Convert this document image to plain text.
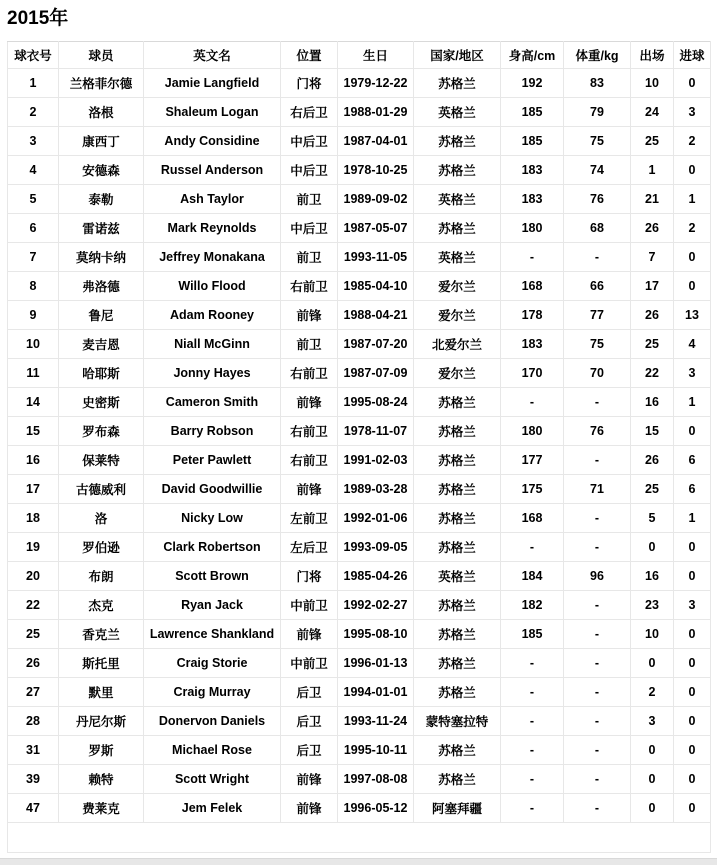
2015年
球衣号	球员	英文名	位置	生日	国家/地区	身高/cm	体重/kg	出场	进球
1	兰格菲尔德	Jamie Langfield	门将	1979-12-22	苏格兰	192	83	10	0
2	洛根	Shaleum Logan	右后卫	1988-01-29	英格兰	185	79	24	3
3	康西丁	Andy Considine	中后卫	1987-04-01	苏格兰	185	75	25	2
4	安德森	Russel Anderson	中后卫	1978-10-25	苏格兰	183	74	1	0
5	泰勒	Ash Taylor	前卫	1989-09-02	英格兰	183	76	21	1
6	雷诺兹	Mark Reynolds	中后卫	1987-05-07	苏格兰	180	68	26	2
7	莫纳卡纳	Jeffrey Monakana	前卫	1993-11-05	英格兰	-	-	7	0
8	弗洛德	Willo Flood	右前卫	1985-04-10	爱尔兰	168	66	17	0
9	鲁尼	Adam Rooney	前锋	1988-04-21	爱尔兰	178	77	26	13
10	麦吉恩	Niall McGinn	前卫	1987-07-20	北爱尔兰	183	75	25	4
11	哈耶斯	Jonny Hayes	右前卫	1987-07-09	爱尔兰	170	70	22	3
14	史密斯	Cameron Smith	前锋	1995-08-24	苏格兰	-	-	16	1
15	罗布森	Barry Robson	右前卫	1978-11-07	苏格兰	180	76	15	0
16	保莱特	Peter Pawlett	右前卫	1991-02-03	苏格兰	177	-	26	6
17	古德威利	David Goodwillie	前锋	1989-03-28	苏格兰	175	71	25	6
18	洛	Nicky Low	左前卫	1992-01-06	苏格兰	168	-	5	1
19	罗伯逊	Clark Robertson	左后卫	1993-09-05	苏格兰	-	-	0	0
20	布朗	Scott Brown	门将	1985-04-26	英格兰	184	96	16	0
22	杰克	Ryan Jack	中前卫	1992-02-27	苏格兰	182	-	23	3
25	香克兰	Lawrence Shankland	前锋	1995-08-10	苏格兰	185	-	10	0
26	斯托里	Craig Storie	中前卫	1996-01-13	苏格兰	-	-	0	0
27	默里	Craig Murray	后卫	1994-01-01	苏格兰	-	-	2	0
28	丹尼尔斯	Donervon Daniels	后卫	1993-11-24	蒙特塞拉特	-	-	3	0
31	罗斯	Michael Rose	后卫	1995-10-11	苏格兰	-	-	0	0
39	赖特	Scott Wright	前锋	1997-08-08	苏格兰	-	-	0	0
47	费莱克	Jem Felek	前锋	1996-05-12	阿塞拜疆	-	-	0	0
